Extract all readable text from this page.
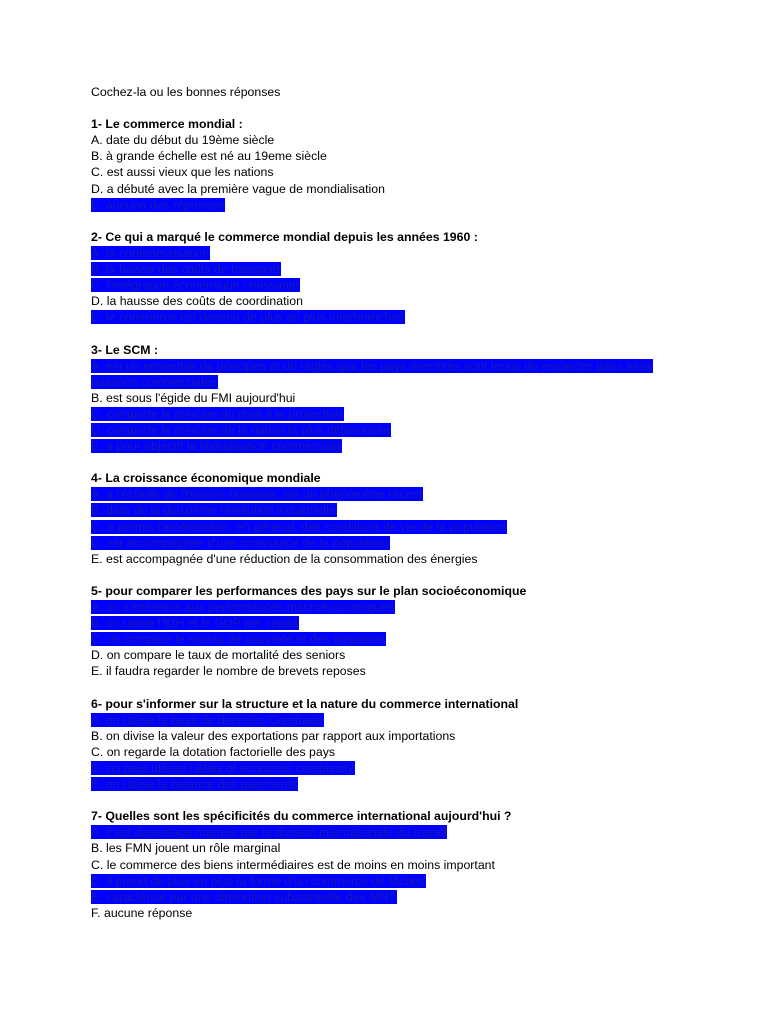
Cochez-la ou les bonnes réponses
1- Le commerce mondial :
A. date du début du 19ème siècle
B. à grande échelle est né au 19eme siècle
C. est aussi vieux que les nations
D. a débuté avec la première vague de mondialisation
E. aucune des réponses
2- Ce qui a marqué le commerce mondial depuis les années 1960 :
A. la conteneurisation
B. la baisse des coûts de transport
C. l'intégration économique croissante
D. la hausse des coûts de coordination
E. le commerce est devenu de plus en plus interbranches
3- Le SCM :
A. est un ensemble de principes et de règles que les pays membres sont tenus de respecter dans leurs relations commerciales
B. est sous l'égide du FMI aujourd'hui
C. comporte le principe du droit à la protection
D. comporte le principe de la nation la plus défavorisée
E. a pour objectif la libéralisation commerciale
4- La croissance économique mondiale
A. à l'échelle de l'histoire humaine, est un phénomène récent
B. date de la deuxième révolution industrielle
C. a permis l'amélioration, en général, des conditions de vie de la population
D. est accompagnée d'une croissance de la population
E. est accompagnée d'une réduction de la consommation des énergies
5- pour comparer les performances des pays sur le plan socioéconomique
A. on s'intéresse aux performances macroéconomiques
B. on utilise l'IDH et le GDP per capita
C. on compare le niveau de pauvreté et des inégalités
D. on compare le taux de mortalité des seniors
E. il faudra regarder le nombre de brevets reposes
6- pour s'informer sur la structure et la nature du commerce international
A. on utilise la base de données Comtrade
B. on divise la valeur des exportations par rapport aux importations
C. on regarde la dotation factorielle des pays
D. on peut utiliser l'Atlas of economic complexity
E. on utilise la balance des paiements
7- Quelles sont les spécificités du commerce international aujourd'hui ?
A. il est davantage marqué par la division internationale du travail
B. les FMN jouent un rôle marginal
C. le commerce des biens intermédiaires est de moins en moins important
D. il prend de plus en plus la forme d'un commerce de tâches
E. caractérisé par une diminution substantielle des MNT
F. aucune réponse
